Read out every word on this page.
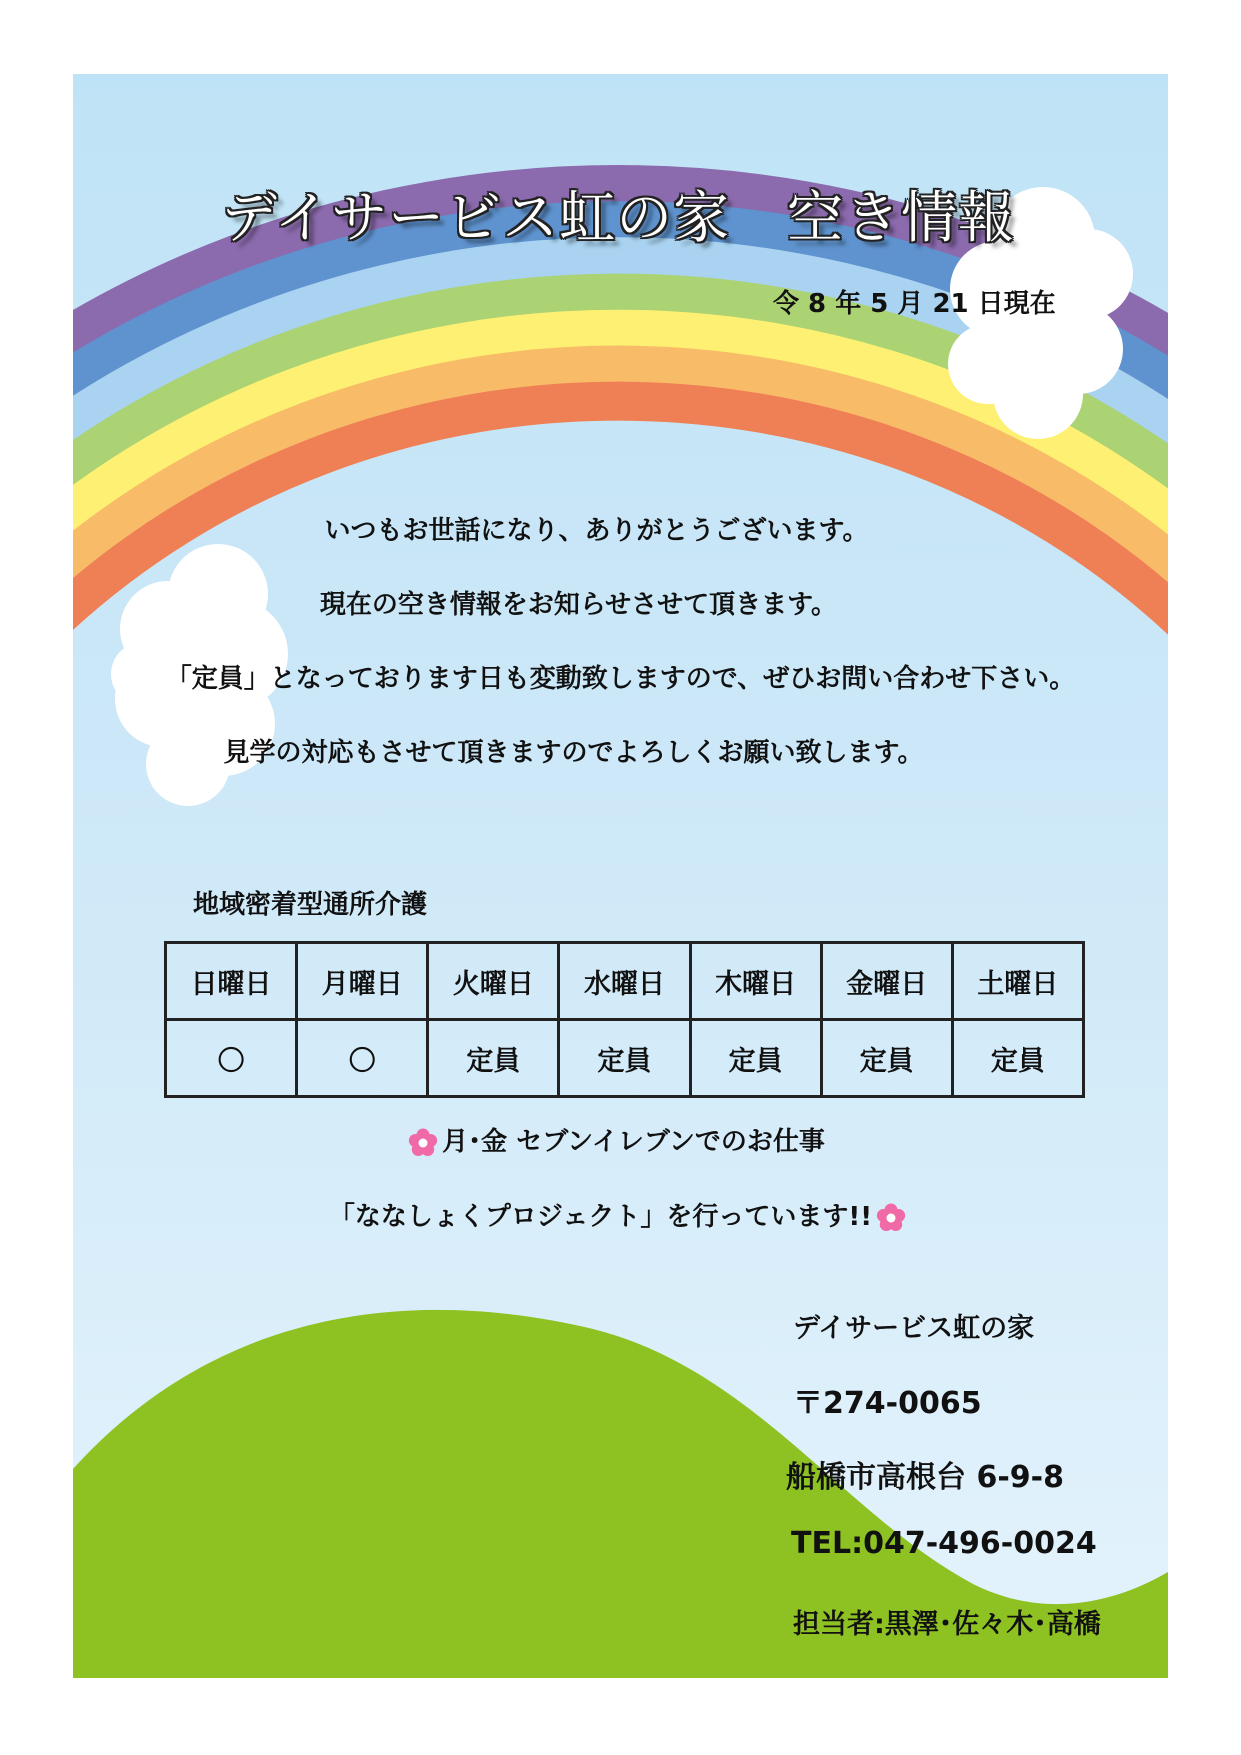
デイサービス虹の家　空き情報
令 8 年 5 月 21 日現在
いつもお世話になり、ありがとうございます。
現在の空き情報をお知らせさせて頂きます。
「定員」となっております日も変動致しますので、ぜひお問い合わせ下さい。
見学の対応もさせて頂きますのでよろしくお願い致します。
地域密着型通所介護
日曜日	月曜日	火曜日	水曜日	木曜日	金曜日	土曜日
〇	〇	定員	定員	定員	定員	定員
月･金 セブンイレブンでのお仕事
「ななしょくプロジェクト」を行っています!!
デイサービス虹の家
〒274-0065
船橋市高根台 6-9-8
TEL:047-496-0024
担当者:黒澤･佐々木･高橋
